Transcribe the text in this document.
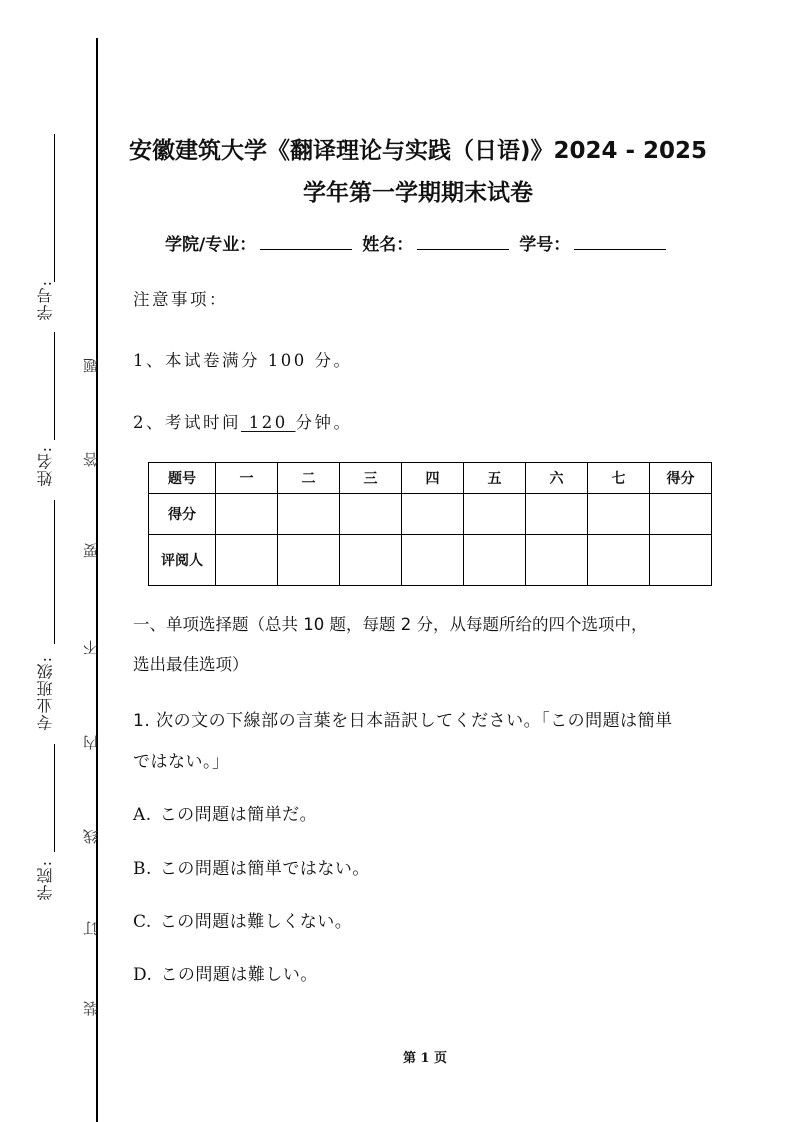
学号:
姓名:
专业班级:
学院:
题
答
要
不
内
线
订
装
安徽建筑大学《翻译理论与实践（日语)》2024 - 2025
学年第一学期期末试卷
学院/专业：	姓名：	学号：
注意事项：
1、本试卷满分 100 分。
2、考试时间 120 分钟。
题号	一	二	三	四	五	六	七	得分
得分								
评阅人								
一、单项选择题（总共 10 题，每题 2 分，从每题所给的四个选项中，
选出最佳选项）
1. 次の文の下線部の言葉を日本語訳してください。「この問題は簡単
ではない。」
A. この問題は簡単だ。
B. この問題は簡単ではない。
C. この問題は難しくない。
D. この問題は難しい。
第 1 页
